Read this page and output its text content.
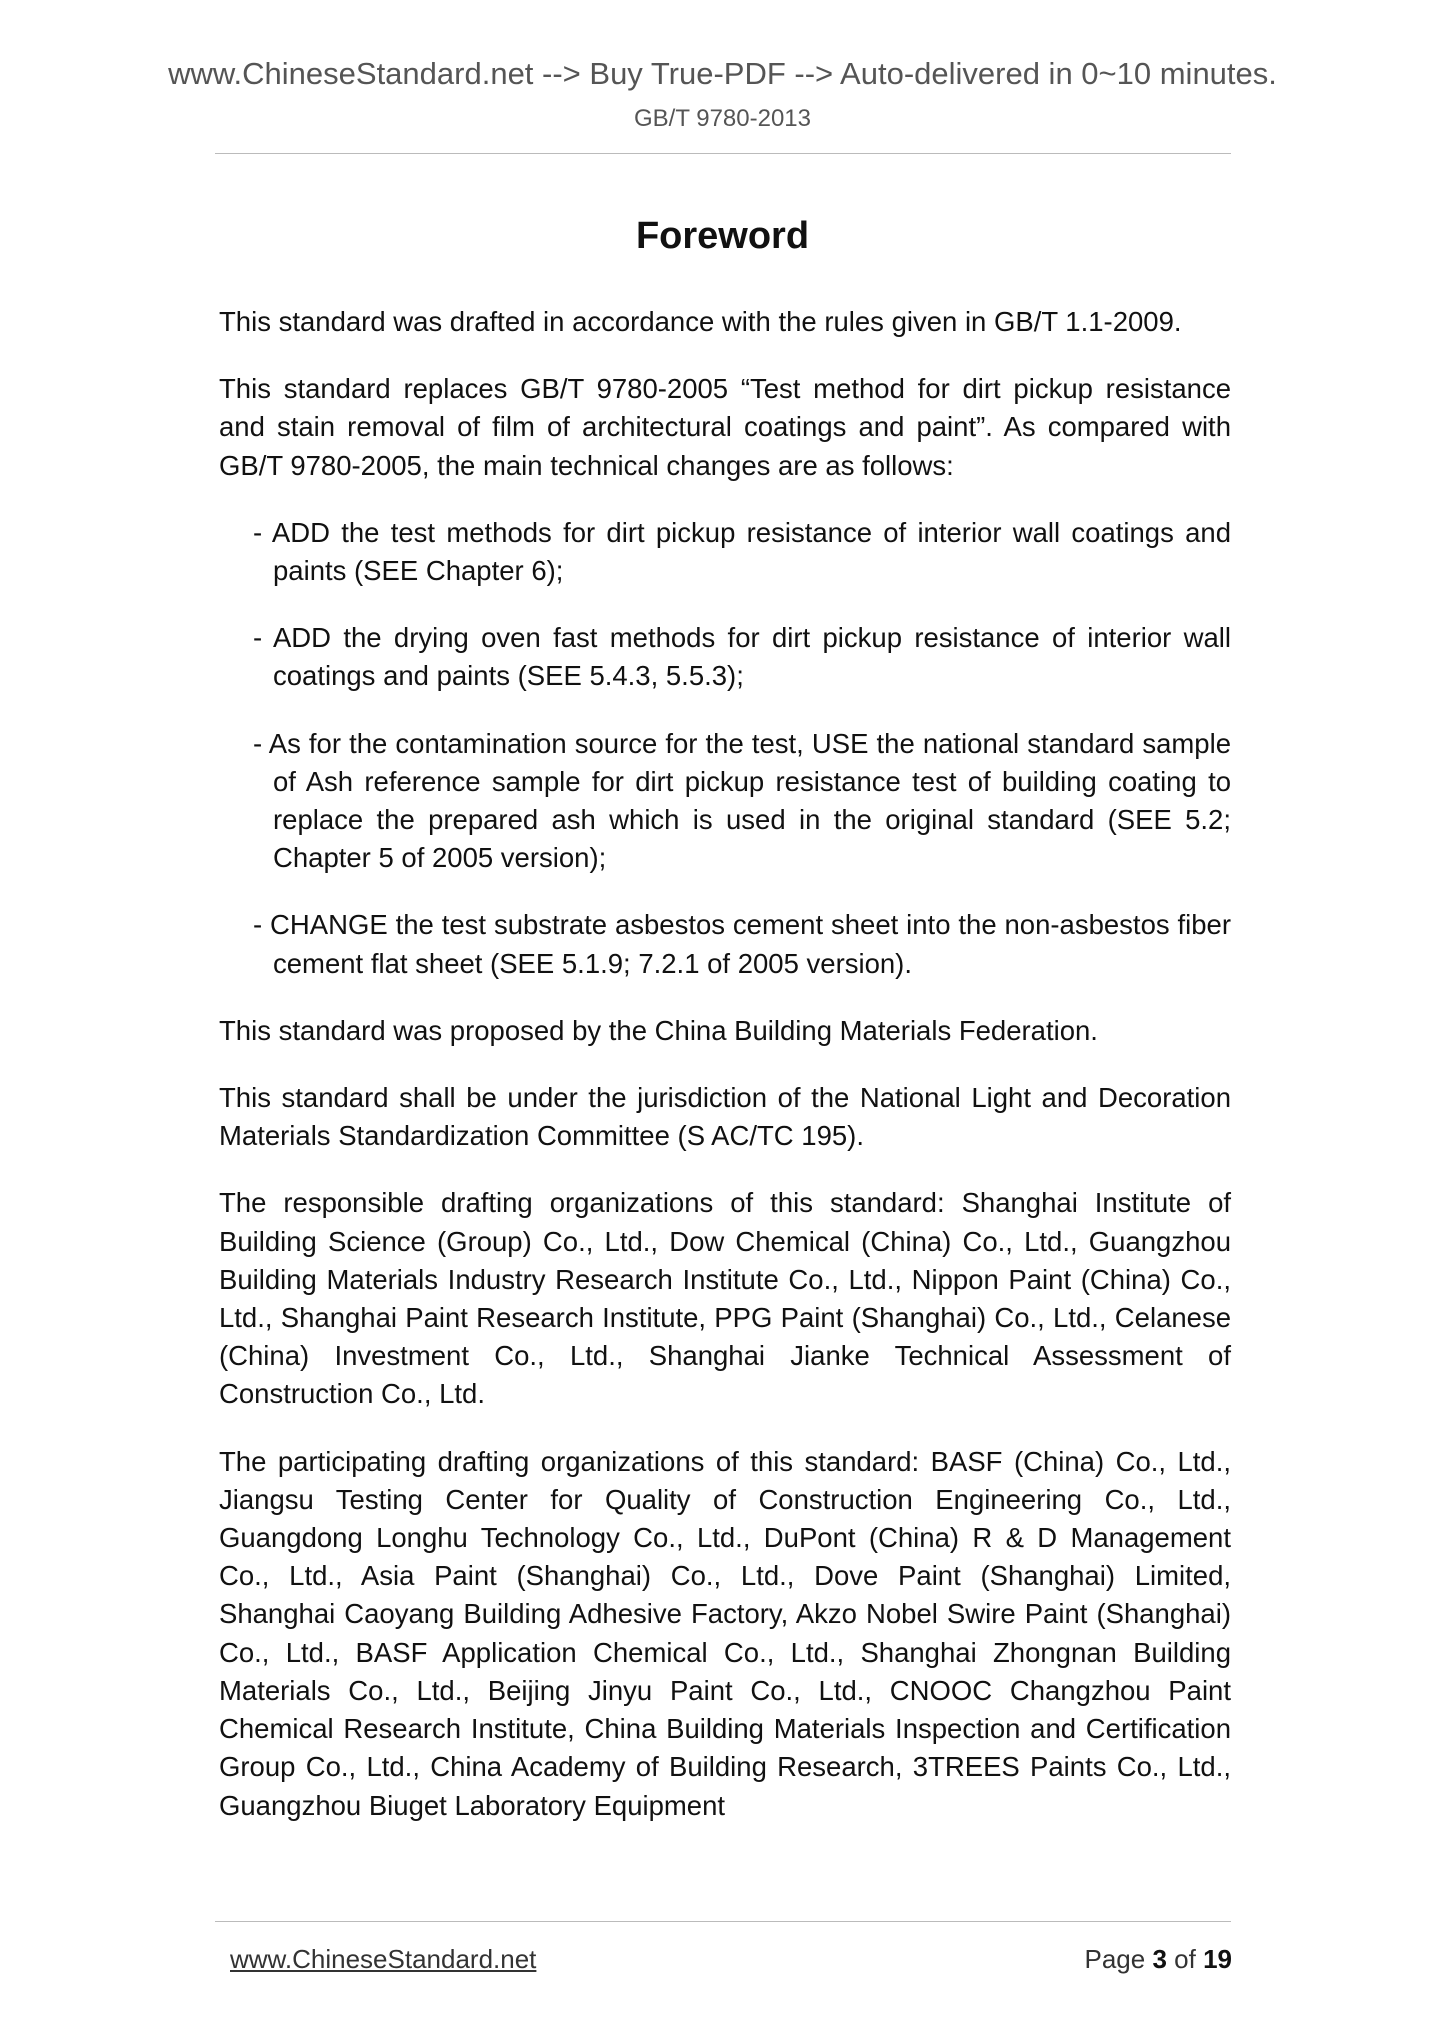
www.ChineseStandard.net --> Buy True-PDF --> Auto-delivered in 0~10 minutes.
GB/T 9780-2013
Foreword

This standard was drafted in accordance with the rules given in GB/T 1.1-2009.

This standard replaces GB/T 9780-2005 “Test method for dirt pickup resistance and stain removal of film of architectural coatings and paint”. As compared with GB/T 9780-2005, the main technical changes are as follows:

- ADD the test methods for dirt pickup resistance of interior wall coatings and paints (SEE Chapter 6);
- ADD the drying oven fast methods for dirt pickup resistance of interior wall coatings and paints (SEE 5.4.3, 5.5.3);
- As for the contamination source for the test, USE the national standard sample of Ash reference sample for dirt pickup resistance test of building coating to replace the prepared ash which is used in the original standard (SEE 5.2; Chapter 5 of 2005 version);
- CHANGE the test substrate asbestos cement sheet into the non-asbestos fiber cement flat sheet (SEE 5.1.9; 7.2.1 of 2005 version).

This standard was proposed by the China Building Materials Federation.

This standard shall be under the jurisdiction of the National Light and Decoration Materials Standardization Committee (S AC/TC 195).

The responsible drafting organizations of this standard: Shanghai Institute of Building Science (Group) Co., Ltd., Dow Chemical (China) Co., Ltd., Guangzhou Building Materials Industry Research Institute Co., Ltd., Nippon Paint (China) Co., Ltd., Shanghai Paint Research Institute, PPG Paint (Shanghai) Co., Ltd., Celanese (China) Investment Co., Ltd., Shanghai Jianke Technical Assessment of Construction Co., Ltd.

The participating drafting organizations of this standard: BASF (China) Co., Ltd., Jiangsu Testing Center for Quality of Construction Engineering Co., Ltd., Guangdong Longhu Technology Co., Ltd., DuPont (China) R & D Management Co., Ltd., Asia Paint (Shanghai) Co., Ltd., Dove Paint (Shanghai) Limited, Shanghai Caoyang Building Adhesive Factory, Akzo Nobel Swire Paint (Shanghai) Co., Ltd., BASF Application Chemical Co., Ltd., Shanghai Zhongnan Building Materials Co., Ltd., Beijing Jinyu Paint Co., Ltd., CNOOC Changzhou Paint Chemical Research Institute, China Building Materials Inspection and Certification Group Co., Ltd., China Academy of Building Research, 3TREES Paints Co., Ltd., Guangzhou Biuget Laboratory Equipment

www.ChineseStandard.net	Page 3 of 19
